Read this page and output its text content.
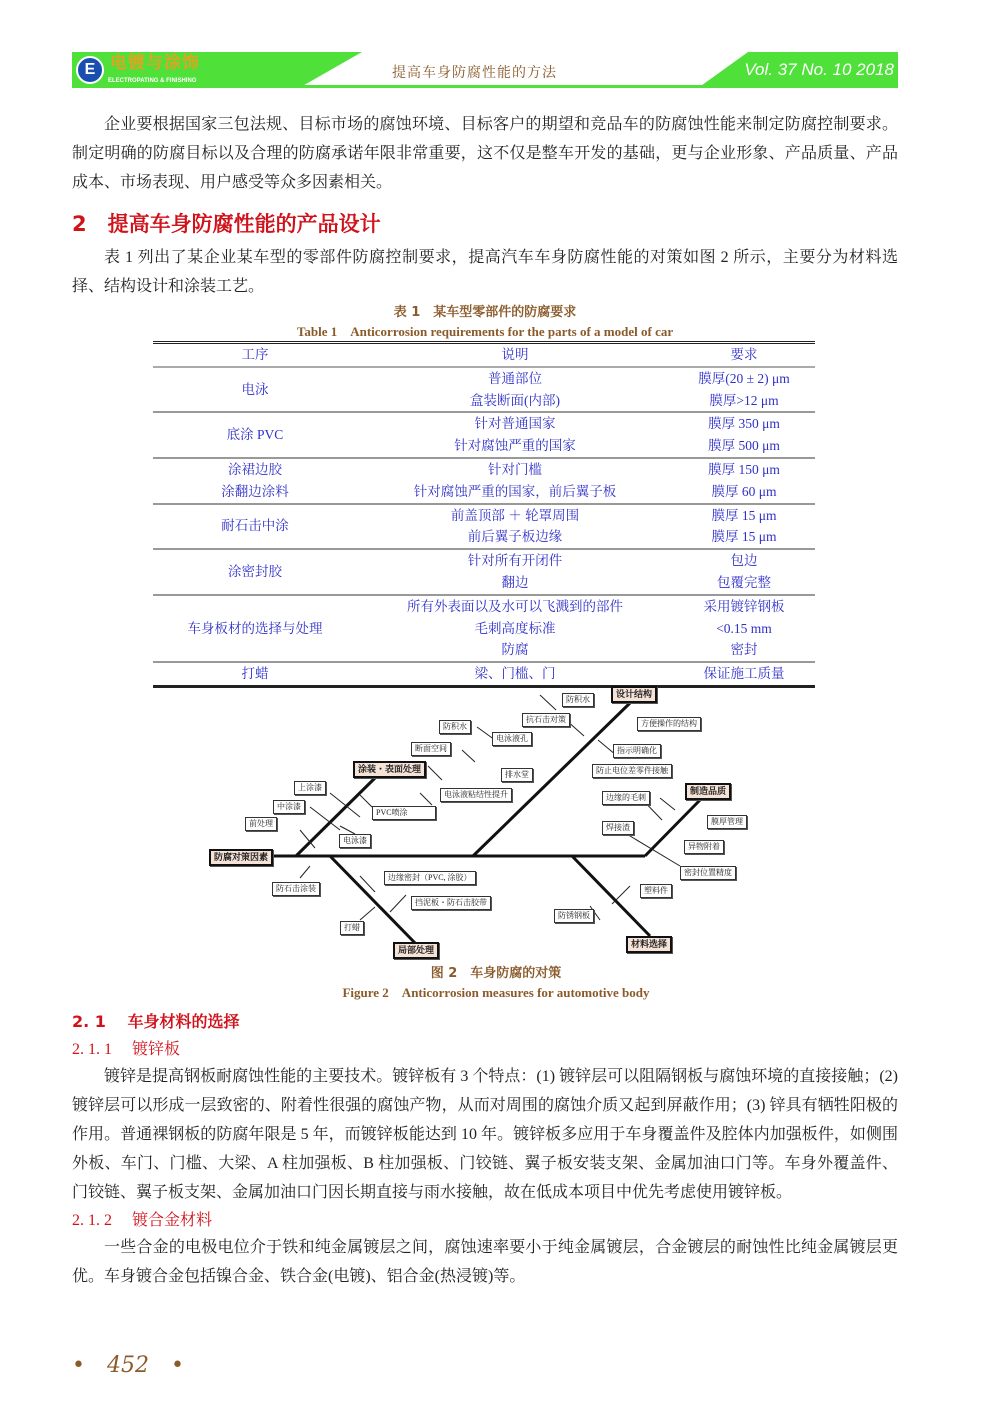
E 电镀与涂饰
ELECTROPATING & FINISHING	提高车身防腐性能的方法	Vol. 37 No. 10 2018

企业要根据国家三包法规、目标市场的腐蚀环境、目标客户的期望和竞品车的防腐蚀性能来制定防腐控制要求。制定明确的防腐目标以及合理的防腐承诺年限非常重要，这不仅是整车开发的基础，更与企业形象、产品质量、产品成本、市场表现、用户感受等众多因素相关。

2　提高车身防腐性能的产品设计

表 1 列出了某企业某车型的零部件防腐控制要求，提高汽车车身防腐性能的对策如图 2 所示，主要分为材料选择、结构设计和涂装工艺。

表 1　某车型零部件的防腐要求
Table 1　Anticorrosion requirements for the parts of a model of car
工序	说明	要求
电泳	普通部位	膜厚(20 ± 2) μm
	盒装断面(内部)	膜厚>12 μm
底涂 PVC	针对普通国家	膜厚 350 μm
	针对腐蚀严重的国家	膜厚 500 μm
涂裙边胶	针对门槛	膜厚 150 μm
涂翻边涂料	针对腐蚀严重的国家，前后翼子板	膜厚 60 μm
耐石击中涂	前盖顶部 ＋ 轮罩周围	膜厚 15 μm
	前后翼子板边缘	膜厚 15 μm
涂密封胶	针对所有开闭件	包边
	翻边	包覆完整
车身板材的选择与处理	所有外表面以及水可以飞溅到的部件	采用镀锌钢板
	毛刺高度标准	<0.15 mm
	防腐	密封
打蜡	梁、门槛、门	保证施工质量
防腐对策因素
涂装・表面处理
局部处理
设计结构
制造品质
材料选择
防积水
断面空间
上涂漆
中涂漆
前处理
PVC喷涂
电泳漆
电泳液粘结性提升
防积水
抗石击对策
电泳液孔
排水堂
方便操作的结构
指示明确化
防止电位差零件接触
边缘的毛刺
焊接渣
膜厚管理
异物附着
密封位置精度
塑料件
防锈钢板
防石击涂装
边缘密封（PVC, 涂胶）
挡泥板・防石击胶带
打蜡
图 2　车身防腐的对策
Figure 2　Anticorrosion measures for automotive body
2. 1　 车身材料的选择
2. 1. 1　 镀锌板

镀锌是提高钢板耐腐蚀性能的主要技术。镀锌板有 3 个特点：(1) 镀锌层可以阻隔钢板与腐蚀环境的直接接触；(2) 镀锌层可以形成一层致密的、附着性很强的腐蚀产物，从而对周围的腐蚀介质又起到屏蔽作用；(3) 锌具有牺牲阳极的作用。普通裸钢板的防腐年限是 5 年，而镀锌板能达到 10 年。镀锌板多应用于车身覆盖件及腔体内加强板件，如侧围外板、车门、门槛、大梁、A 柱加强板、B 柱加强板、门铰链、翼子板安装支架、金属加油口门等。车身外覆盖件、门铰链、翼子板支架、金属加油口门因长期直接与雨水接触，故在低成本项目中优先考虑使用镀锌板。

2. 1. 2　 镀合金材料

一些合金的电极电位介于铁和纯金属镀层之间，腐蚀速率要小于纯金属镀层，合金镀层的耐蚀性比纯金属镀层更优。车身镀合金包括镍合金、铁合金(电镀)、铝合金(热浸镀)等。

•　452　•
